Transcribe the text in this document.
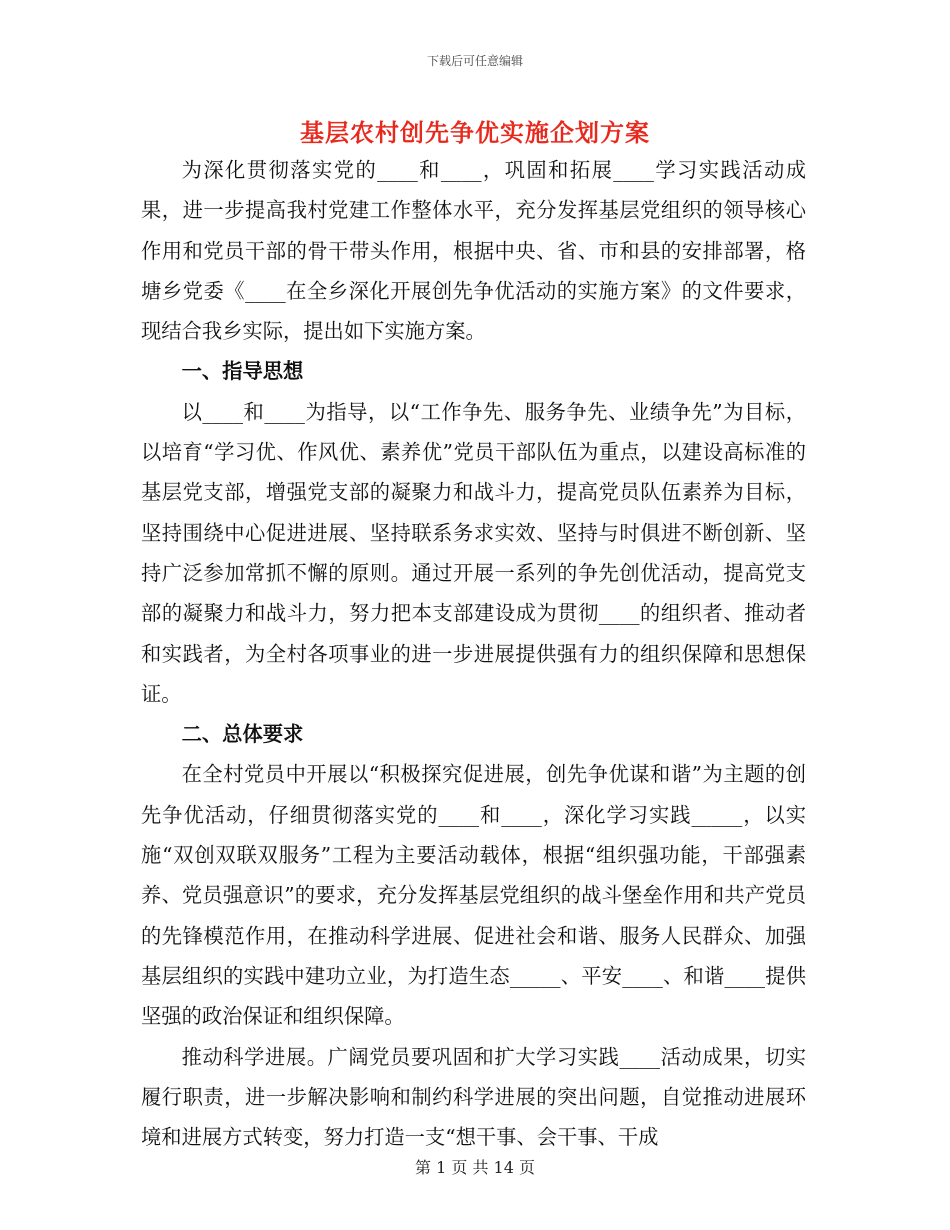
下载后可任意编辑
基层农村创先争优实施企划方案

为深化贯彻落实党的____和____，巩固和拓展____学习实践活动成果，进一步提高我村党建工作整体水平，充分发挥基层党组织的领导核心作用和党员干部的骨干带头作用，根据中央、省、市和县的安排部署，格塘乡党委《____在全乡深化开展创先争优活动的实施方案》的文件要求，现结合我乡实际，提出如下实施方案。

一、指导思想

以____和____为指导，以“工作争先、服务争先、业绩争先”为目标，以培育“学习优、作风优、素养优”党员干部队伍为重点，以建设高标准的基层党支部，增强党支部的凝聚力和战斗力，提高党员队伍素养为目标，坚持围绕中心促进进展、坚持联系务求实效、坚持与时俱进不断创新、坚持广泛参加常抓不懈的原则。通过开展一系列的争先创优活动，提高党支部的凝聚力和战斗力，努力把本支部建设成为贯彻____的组织者、推动者和实践者，为全村各项事业的进一步进展提供强有力的组织保障和思想保证。

二、总体要求

在全村党员中开展以“积极探究促进展，创先争优谋和谐”为主题的创先争优活动，仔细贯彻落实党的____和____，深化学习实践_____，以实施“双创双联双服务”工程为主要活动载体，根据“组织强功能，干部强素养、党员强意识”的要求，充分发挥基层党组织的战斗堡垒作用和共产党员的先锋模范作用，在推动科学进展、促进社会和谐、服务人民群众、加强基层组织的实践中建功立业，为打造生态_____、平安____、和谐____提供坚强的政治保证和组织保障。

推动科学进展。广阔党员要巩固和扩大学习实践____活动成果，切实履行职责，进一步解决影响和制约科学进展的突出问题，自觉推动进展环境和进展方式转变，努力打造一支“想干事、会干事、干成

第 1 页 共 14 页
